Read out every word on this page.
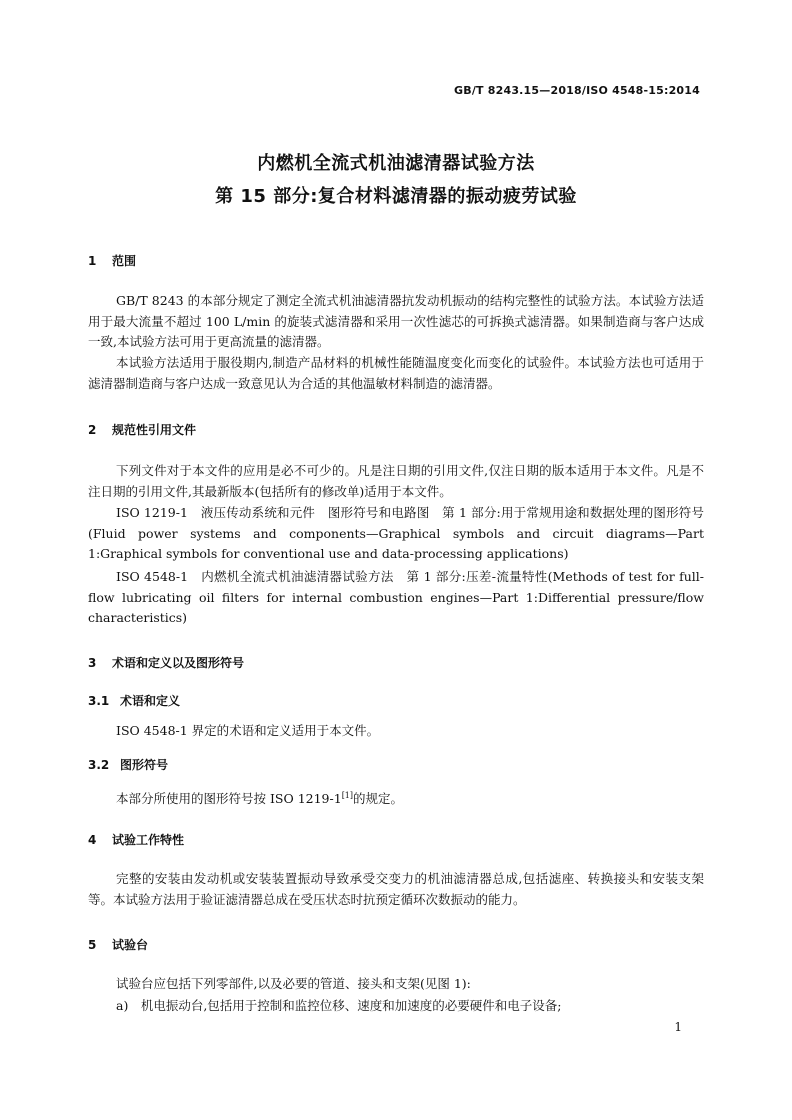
GB/T 8243.15—2018/ISO 4548-15:2014
内燃机全流式机油滤清器试验方法
第 15 部分:复合材料滤清器的振动疲劳试验
1 范围
GB/T 8243 的本部分规定了测定全流式机油滤清器抗发动机振动的结构完整性的试验方法。本试验方法适用于最大流量不超过 100 L/min 的旋装式滤清器和采用一次性滤芯的可拆换式滤清器。如果制造商与客户达成一致,本试验方法可用于更高流量的滤清器。
本试验方法适用于服役期内,制造产品材料的机械性能随温度变化而变化的试验件。本试验方法也可适用于滤清器制造商与客户达成一致意见认为合适的其他温敏材料制造的滤清器。
2 规范性引用文件
下列文件对于本文件的应用是必不可少的。凡是注日期的引用文件,仅注日期的版本适用于本文件。凡是不注日期的引用文件,其最新版本(包括所有的修改单)适用于本文件。
ISO 1219-1　液压传动系统和元件　图形符号和电路图　第 1 部分:用于常规用途和数据处理的图形符号(Fluid power systems and components—Graphical symbols and circuit diagrams—Part 1:Graphical symbols for conventional use and data-processing applications)
ISO 4548-1　内燃机全流式机油滤清器试验方法　第 1 部分:压差-流量特性(Methods of test for full-flow lubricating oil filters for internal combustion engines—Part 1:Differential pressure/flow characteristics)
3 术语和定义以及图形符号
3.1 术语和定义
ISO 4548-1 界定的术语和定义适用于本文件。
3.2 图形符号
本部分所使用的图形符号按 ISO 1219-1[1]的规定。
4 试验工作特性
完整的安装由发动机或安装装置振动导致承受交变力的机油滤清器总成,包括滤座、转换接头和安装支架等。本试验方法用于验证滤清器总成在受压状态时抗预定循环次数振动的能力。
5 试验台
试验台应包括下列零部件,以及必要的管道、接头和支架(见图 1):
a)　机电振动台,包括用于控制和监控位移、速度和加速度的必要硬件和电子设备;
1
